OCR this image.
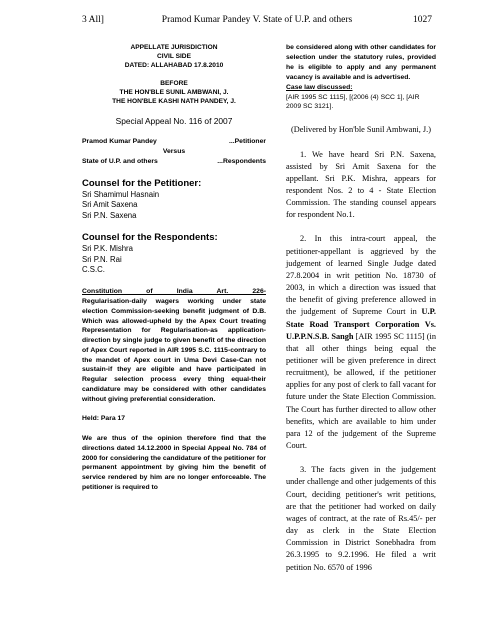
3 All]	Pramod Kumar Pandey V. State of U.P. and others	1027

APPELLATE JURISDICTION

CIVIL SIDE

DATED: ALLAHABAD 17.8.2010

BEFORE

THE HON'BLE SUNIL AMBWANI, J.

THE HON'BLE KASHI NATH PANDEY, J.

Special Appeal No. 116 of 2007

Pramod Kumar Pandey	...Petitioner
Versus
State of U.P. and others	...Respondents

Counsel for the Petitioner:

Sri Shamimul Hasnain

Sri Amit Saxena

Sri P.N. Saxena

Counsel for the Respondents:

Sri P.K. Mishra

Sri P.N. Rai

C.S.C.

Constitution of India Art. 226-
Regularisation-daily wagers working under state election Commission-seeking benefit judgment of D.B. Which was allowed-upheld by the Apex Court treating Representation for Regularisation-as application-direction by single judge to given benefit of the direction of Apex Court reported in AIR 1995 S.C. 1115-contrary to the mandet of Apex court in Uma Devi Case-Can not sustain-if they are eligible and have participated in Regular selection process every thing equal-their candidature may be considered with other candidates without giving preferential consideration.

Held: Para 17

We are thus of the opinion therefore find that the directions dated 14.12.2000 in Special Appeal No. 784 of 2000 for considering the candidature of the petitioner for permanent appointment by giving him the benefit of service rendered by him are no longer enforceable. The petitioner is required to

be considered along with other candidates for selection under the statutory rules, provided he is eligible to apply and any permanent vacancy is available and is advertised.

Case law discussed:

[AIR 1995 SC 1115], [(2006 (4) SCC 1], [AIR 2009 SC 3121].

(Delivered by Hon'ble Sunil Ambwani, J.)

1. We have heard Sri P.N. Saxena, assisted by Sri Amit Saxena for the appellant. Sri P.K. Mishra, appears for respondent Nos. 2 to 4 - State Election Commission. The standing counsel appears for respondent No.1.

2. In this intra-court appeal, the petitioner-appellant is aggrieved by the judgement of learned Single Judge dated 27.8.2004 in writ petition No. 18730 of 2003, in which a direction was issued that the benefit of giving preference allowed in the judgement of Supreme Court in U.P. State Road Transport Corporation Vs. U.P.P.N.S.B. Sangh [AIR 1995 SC 1115] (in that all other things being equal the petitioner will be given preference in direct recruitment), be allowed, if the petitioner applies for any post of clerk to fall vacant for future under the State Election Commission. The Court has further directed to allow other benefits, which are available to him under para 12 of the judgement of the Supreme Court.

3. The facts given in the judgement under challenge and other judgements of this Court, deciding petitioner's writ petitions, are that the petitioner had worked on daily wages of contract, at the rate of Rs.45/- per day as clerk in the State Election Commission in District Sonebhadra from 26.3.1995 to 9.2.1996. He filed a writ petition No. 6570 of 1996
